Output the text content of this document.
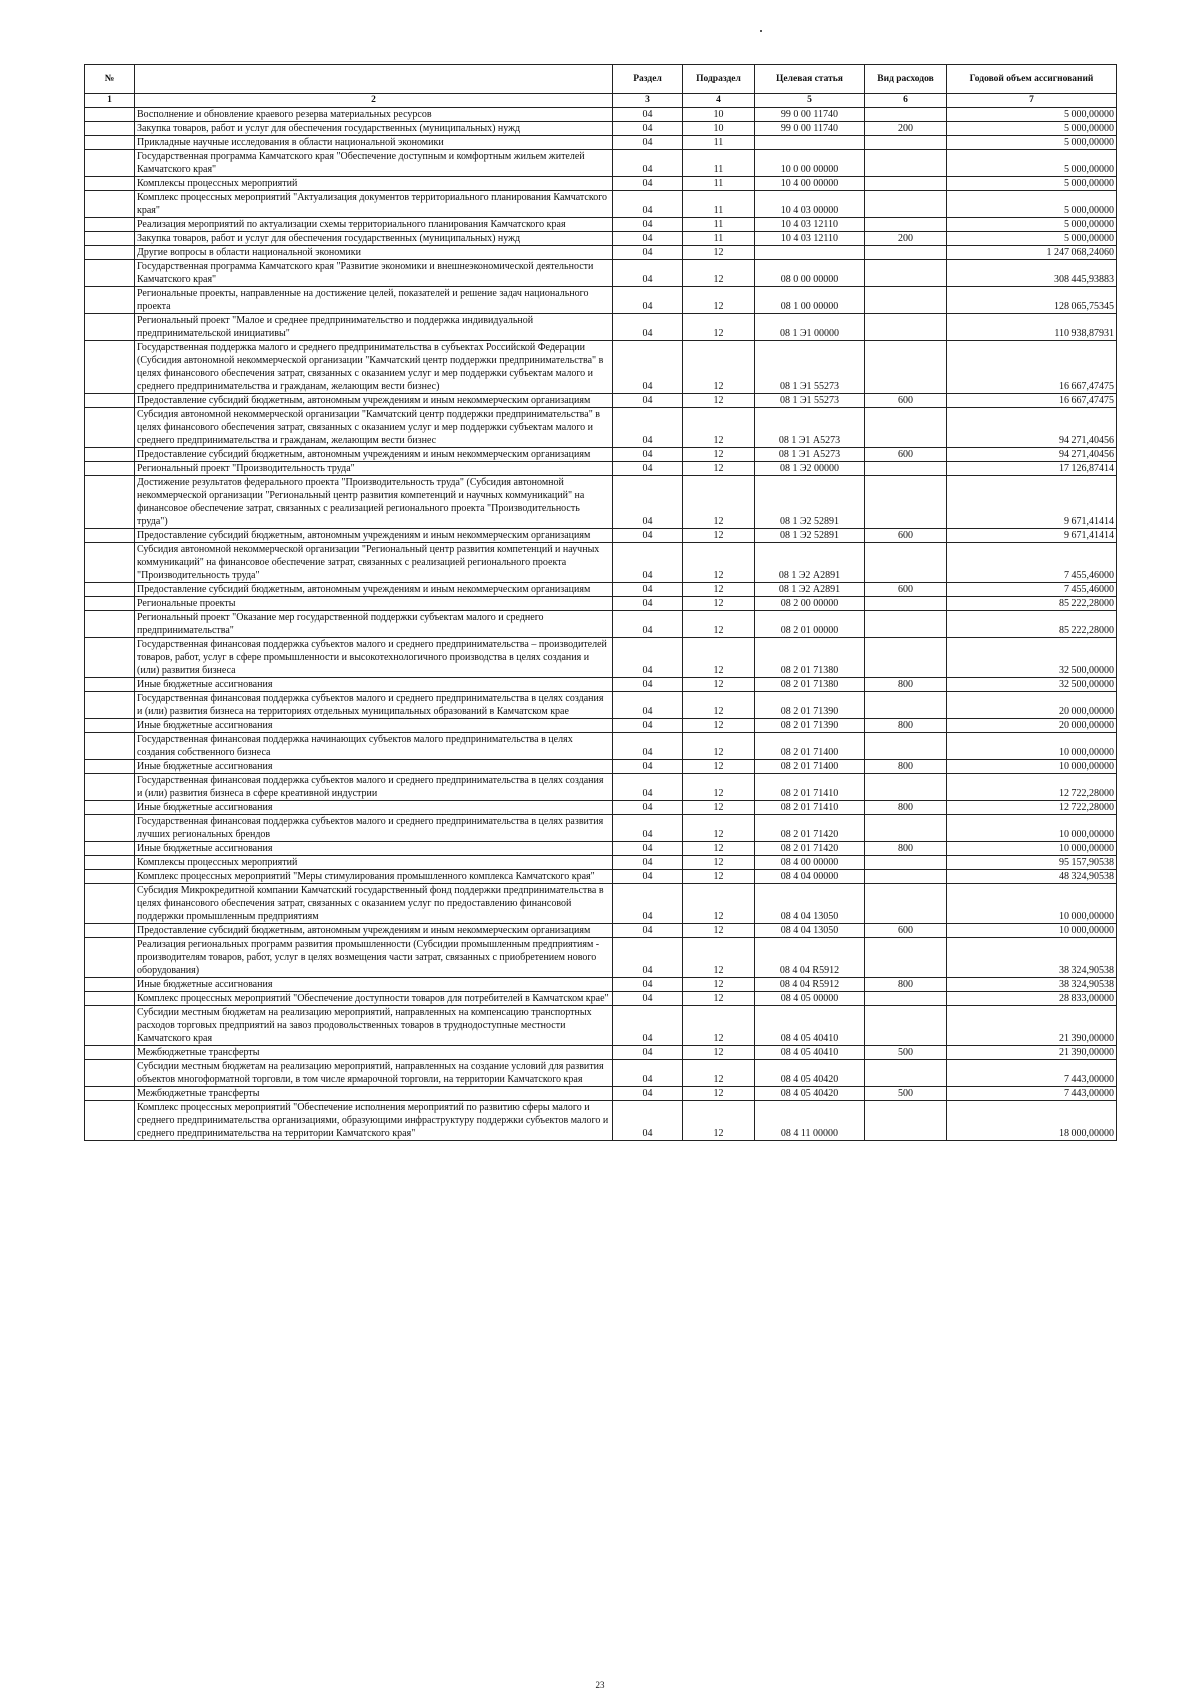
№		Раздел	Подраздел	Целевая статья	Вид расходов	Годовой объем ассигнований
1	2	3	4	5	6	7
	Восполнение и обновление краевого резерва материальных ресурсов	04	10	99 0 00 11740		5 000,00000
	Закупка товаров, работ и услуг для обеспечения государственных (муниципальных) нужд	04	10	99 0 00 11740	200	5 000,00000
	Прикладные научные исследования в области национальной экономики	04	11			5 000,00000
	Государственная программа Камчатского края "Обеспечение доступным и комфортным жильем жителей Камчатского края"	04	11	10 0 00 00000		5 000,00000
	Комплексы процессных мероприятий	04	11	10 4 00 00000		5 000,00000
	Комплекс процессных мероприятий "Актуализация документов территориального планирования Камчатского края"	04	11	10 4 03 00000		5 000,00000
	Реализация мероприятий по актуализации схемы территориального планирования Камчатского края	04	11	10 4 03 12110		5 000,00000
	Закупка товаров, работ и услуг для обеспечения государственных (муниципальных) нужд	04	11	10 4 03 12110	200	5 000,00000
	Другие вопросы в области национальной экономики	04	12			1 247 068,24060
	Государственная программа Камчатского края "Развитие экономики и внешнеэкономической деятельности Камчатского края"	04	12	08 0 00 00000		308 445,93883
	Региональные проекты, направленные на достижение целей, показателей и решение задач национального проекта	04	12	08 1 00 00000		128 065,75345
	Региональный проект "Малое и среднее предпринимательство и поддержка индивидуальной предпринимательской инициативы"	04	12	08 1 Э1 00000		110 938,87931
	Государственная поддержка малого и среднего предпринимательства в субъектах Российской Федерации (Субсидия автономной некоммерческой организации "Камчатский центр поддержки предпринимательства" в целях финансового обеспечения затрат, связанных с оказанием услуг и мер поддержки субъектам малого и среднего предпринимательства и гражданам, желающим вести бизнес)	04	12	08 1 Э1 55273		16 667,47475
	Предоставление субсидий бюджетным, автономным учреждениям и иным некоммерческим организациям	04	12	08 1 Э1 55273	600	16 667,47475
	Субсидия автономной некоммерческой организации "Камчатский центр поддержки предпринимательства" в целях финансового обеспечения затрат, связанных с оказанием услуг и мер поддержки субъектам малого и среднего предпринимательства и гражданам, желающим вести бизнес	04	12	08 1 Э1 А5273		94 271,40456
	Предоставление субсидий бюджетным, автономным учреждениям и иным некоммерческим организациям	04	12	08 1 Э1 А5273	600	94 271,40456
	Региональный проект "Производительность труда"	04	12	08 1 Э2 00000		17 126,87414
	Достижение результатов федерального проекта "Производительность труда" (Субсидия автономной некоммерческой организации "Региональный центр развития компетенций и научных коммуникаций" на финансовое обеспечение затрат, связанных с реализацией регионального проекта "Производительность труда")	04	12	08 1 Э2 52891		9 671,41414
	Предоставление субсидий бюджетным, автономным учреждениям и иным некоммерческим организациям	04	12	08 1 Э2 52891	600	9 671,41414
	Субсидия автономной некоммерческой организации "Региональный центр развития компетенций и научных коммуникаций" на финансовое обеспечение затрат, связанных с реализацией регионального проекта "Производительность труда"	04	12	08 1 Э2 А2891		7 455,46000
	Предоставление субсидий бюджетным, автономным учреждениям и иным некоммерческим организациям	04	12	08 1 Э2 А2891	600	7 455,46000
	Региональные проекты	04	12	08 2 00 00000		85 222,28000
	Региональный проект "Оказание мер государственной поддержки субъектам малого и среднего предпринимательства"	04	12	08 2 01 00000		85 222,28000
	Государственная финансовая поддержка субъектов малого и среднего предпринимательства – производителей товаров, работ, услуг в сфере промышленности и высокотехнологичного производства в целях создания и (или) развития бизнеса	04	12	08 2 01 71380		32 500,00000
	Иные бюджетные ассигнования	04	12	08 2 01 71380	800	32 500,00000
	Государственная финансовая поддержка субъектов малого и среднего предпринимательства в целях создания и (или) развития бизнеса на территориях отдельных муниципальных образований в Камчатском крае	04	12	08 2 01 71390		20 000,00000
	Иные бюджетные ассигнования	04	12	08 2 01 71390	800	20 000,00000
	Государственная финансовая поддержка начинающих субъектов малого предпринимательства в целях создания собственного бизнеса	04	12	08 2 01 71400		10 000,00000
	Иные бюджетные ассигнования	04	12	08 2 01 71400	800	10 000,00000
	Государственная финансовая поддержка субъектов малого и среднего предпринимательства в целях создания и (или) развития бизнеса в сфере креативной индустрии	04	12	08 2 01 71410		12 722,28000
	Иные бюджетные ассигнования	04	12	08 2 01 71410	800	12 722,28000
	Государственная финансовая поддержка субъектов малого и среднего предпринимательства в целях развития лучших региональных брендов	04	12	08 2 01 71420		10 000,00000
	Иные бюджетные ассигнования	04	12	08 2 01 71420	800	10 000,00000
	Комплексы процессных мероприятий	04	12	08 4 00 00000		95 157,90538
	Комплекс процессных мероприятий "Меры стимулирования промышленного комплекса Камчатского края"	04	12	08 4 04 00000		48 324,90538
	Субсидия Микрокредитной компании Камчатский государственный фонд поддержки предпринимательства в целях финансового обеспечения затрат, связанных с оказанием услуг по предоставлению финансовой поддержки промышленным предприятиям	04	12	08 4 04 13050		10 000,00000
	Предоставление субсидий бюджетным, автономным учреждениям и иным некоммерческим организациям	04	12	08 4 04 13050	600	10 000,00000
	Реализация региональных программ развития промышленности (Субсидии промышленным предприятиям - производителям товаров, работ, услуг в целях возмещения части затрат, связанных с приобретением нового оборудования)	04	12	08 4 04 R5912		38 324,90538
	Иные бюджетные ассигнования	04	12	08 4 04 R5912	800	38 324,90538
	Комплекс процессных мероприятий "Обеспечение доступности товаров для потребителей в Камчатском крае"	04	12	08 4 05 00000		28 833,00000
	Субсидии местным бюджетам на реализацию мероприятий, направленных на компенсацию транспортных расходов торговых предприятий на завоз продовольственных товаров в труднодоступные местности Камчатского края	04	12	08 4 05 40410		21 390,00000
	Межбюджетные трансферты	04	12	08 4 05 40410	500	21 390,00000
	Субсидии местным бюджетам на реализацию мероприятий, направленных на создание условий для развития объектов многоформатной торговли, в том числе ярмарочной торговли, на территории Камчатского края	04	12	08 4 05 40420		7 443,00000
	Межбюджетные трансферты	04	12	08 4 05 40420	500	7 443,00000
	Комплекс процессных мероприятий "Обеспечение исполнения мероприятий по развитию сферы малого и среднего предпринимательства организациями, образующими инфраструктуру поддержки субъектов малого и среднего предпринимательства на территории Камчатского края"	04	12	08 4 11 00000		18 000,00000
23
